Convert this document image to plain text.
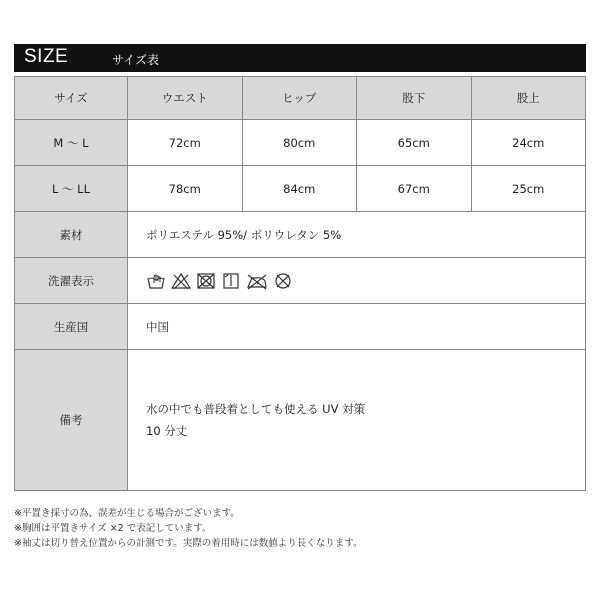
SIZE	サイズ表
サイズ	ウエスト	ヒップ	股下	股上
M ～ L	72cm	80cm	65cm	24cm
L ～ LL	78cm	84cm	67cm	25cm
素材	ポリエステル 95%/ ポリウレタン 5%			
洗濯表示	

生産国	中国			
備考	水の中でも普段着としても使える UV 対策
10 分丈			
※平置き採寸の為、誤差が生じる場合がございます。
※胸囲は平置きサイズ ×2 で表記しています。
※袖丈は切り替え位置からの計測です。実際の着用時には数値より長くなります。
